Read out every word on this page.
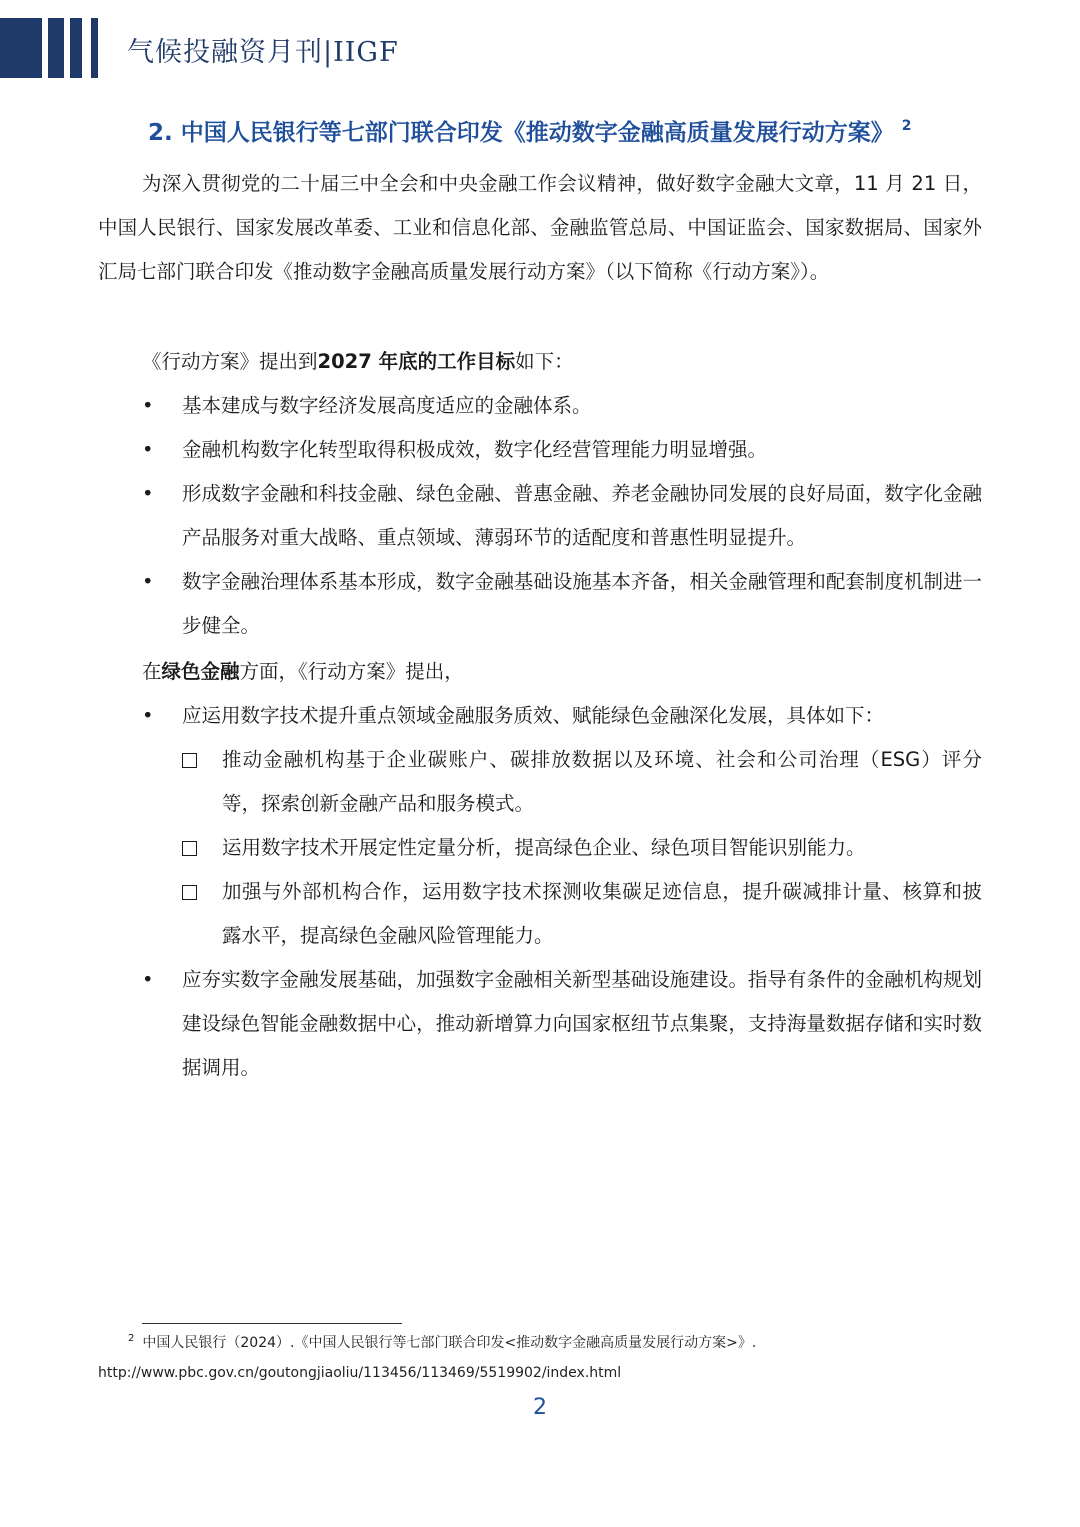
气候投融资月刊|IIGF
2. 中国人民银行等七部门联合印发《推动数字金融高质量发展行动方案》 $^2$
为深入贯彻党的二十届三中全会和中央金融工作会议精神，做好数字金融大文章，11 月 21 日，中国人民银行、国家发展改革委、工业和信息化部、金融监管总局、中国证监会、国家数据局、国家外汇局七部门联合印发《推动数字金融高质量发展行动方案》（以下简称《行动方案》）。
《行动方案》提出到2027 年底的工作目标如下：
• 基本建成与数字经济发展高度适应的金融体系。
• 金融机构数字化转型取得积极成效，数字化经营管理能力明显增强。
• 形成数字金融和科技金融、绿色金融、普惠金融、养老金融协同发展的良好局面，数字化金融产品服务对重大战略、重点领域、薄弱环节的适配度和普惠性明显提升。
• 数字金融治理体系基本形成，数字金融基础设施基本齐备，相关金融管理和配套制度机制进一步健全。
在绿色金融方面，《行动方案》提出，
• 应运用数字技术提升重点领域金融服务质效、赋能绿色金融深化发展，具体如下：
推动金融机构基于企业碳账户、碳排放数据以及环境、社会和公司治理（ESG）评分等，探索创新金融产品和服务模式。
运用数字技术开展定性定量分析，提高绿色企业、绿色项目智能识别能力。
加强与外部机构合作，运用数字技术探测收集碳足迹信息，提升碳减排计量、核算和披露水平，提高绿色金融风险管理能力。
• 应夯实数字金融发展基础，加强数字金融相关新型基础设施建设。指导有条件的金融机构规划建设绿色智能金融数据中心，推动新增算力向国家枢纽节点集聚，支持海量数据存储和实时数据调用。
$^2$ 中国人民银行（2024）.《中国人民银行等七部门联合印发<推动数字金融高质量发展行动方案>》.
http://www.pbc.gov.cn/goutongjiaoliu/113456/113469/5519902/index.html
2
